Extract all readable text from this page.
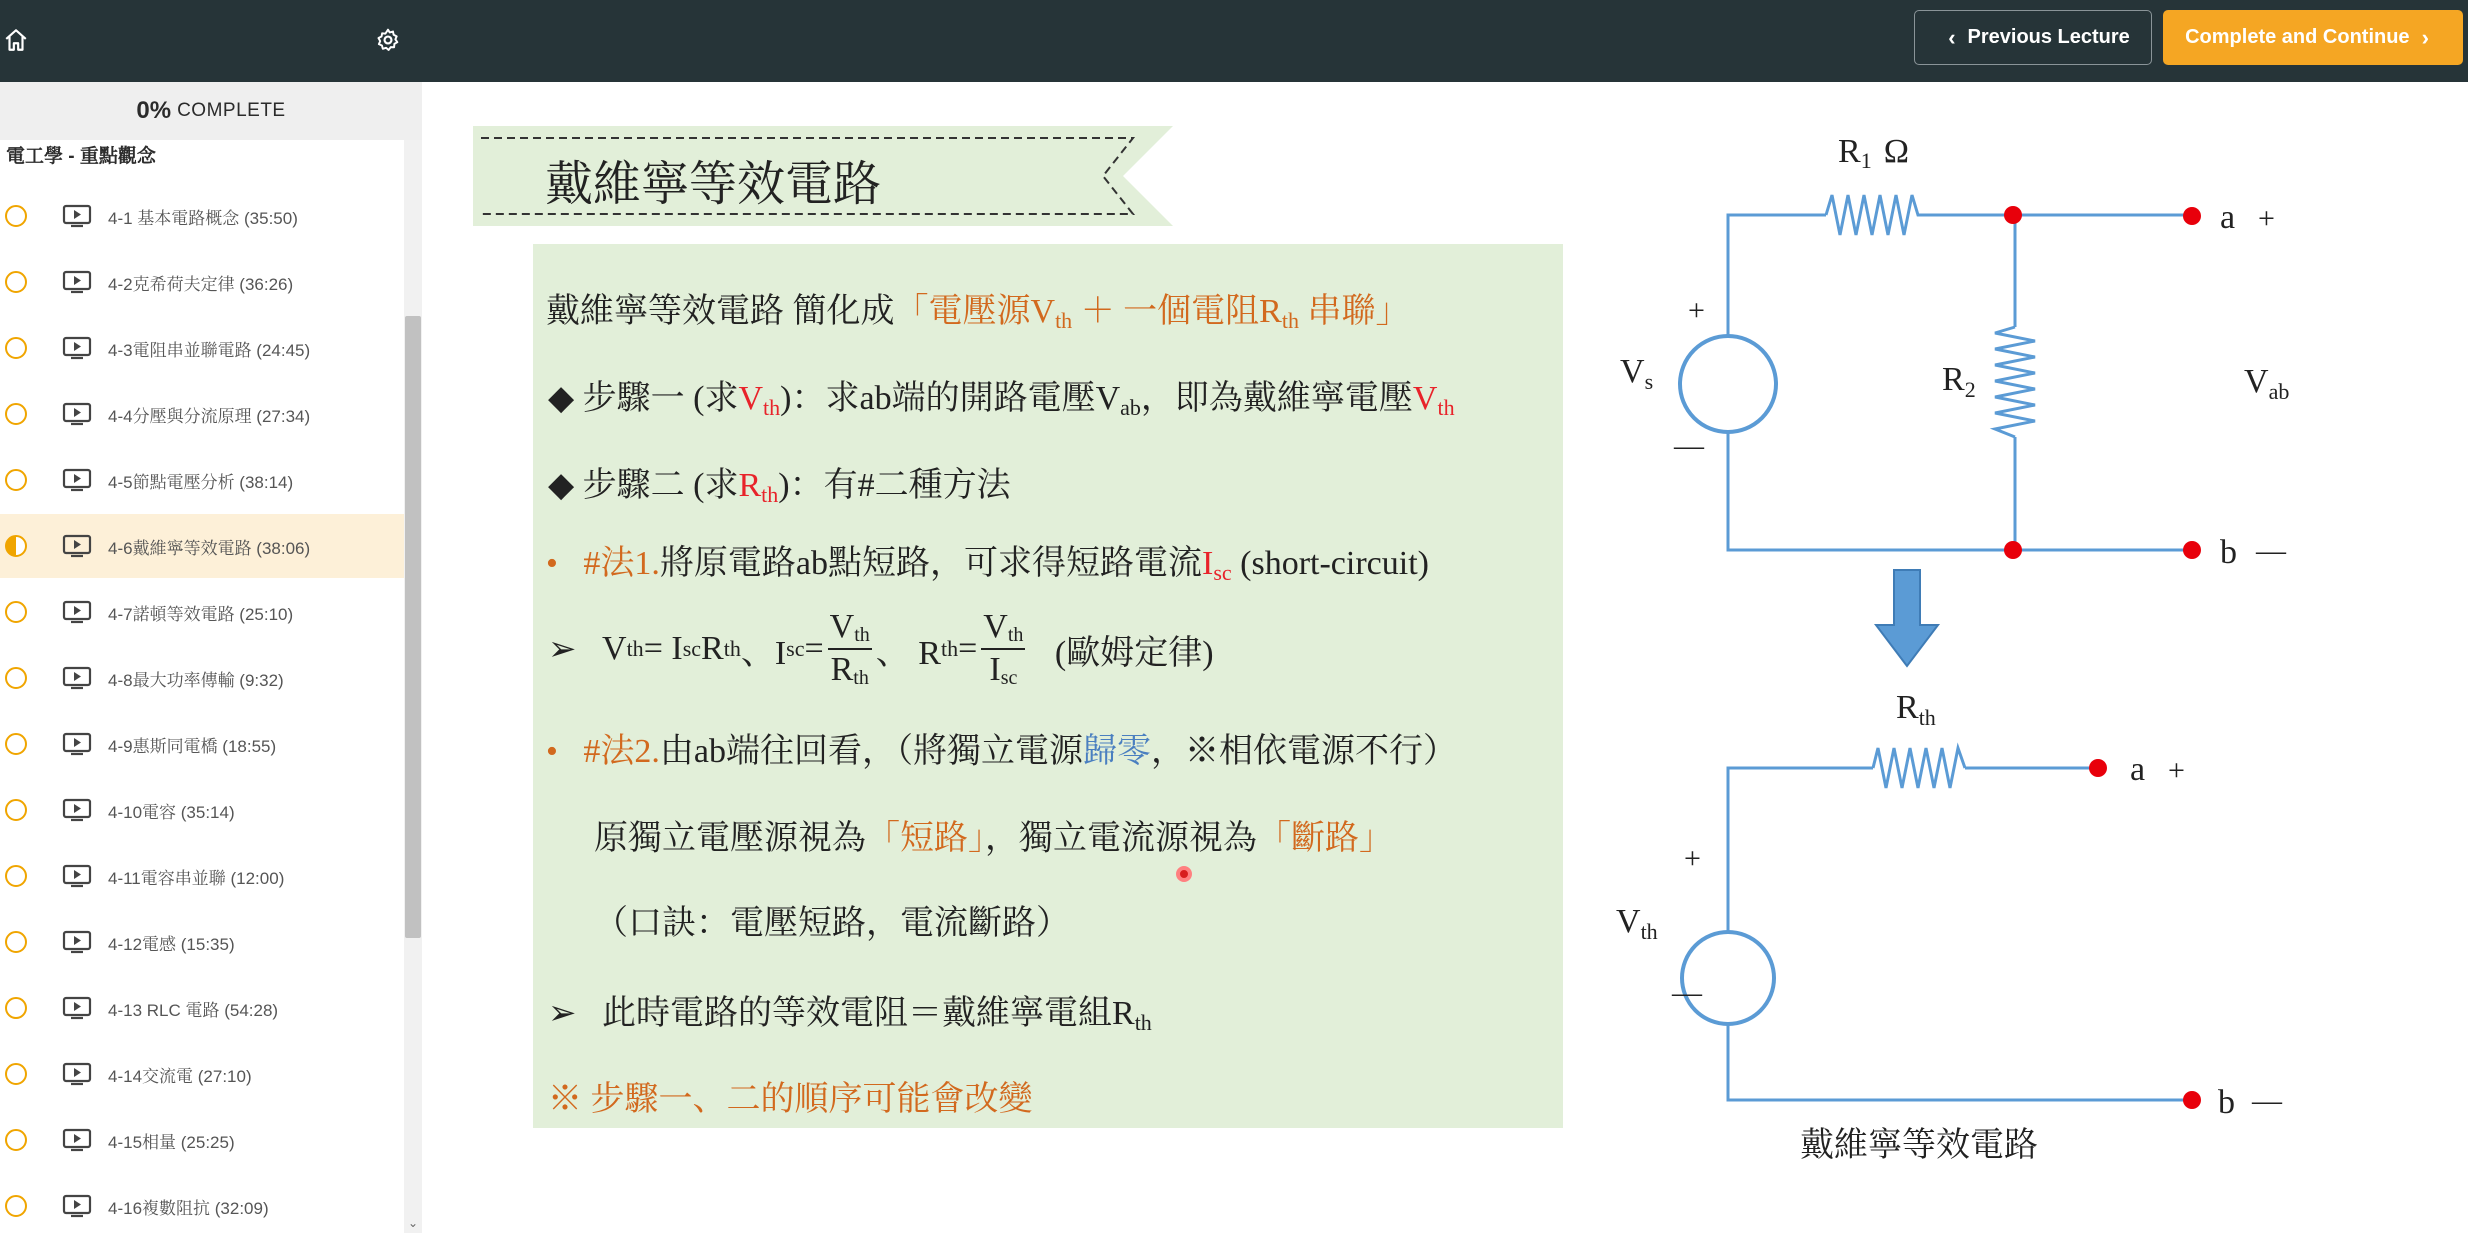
0% COMPLETE
電工學 - 重點觀念
4-1 基本電路概念 (35:50)
4-2克希荷夫定律 (36:26)
4-3電阻串並聯電路 (24:45)
4-4分壓與分流原理 (27:34)
4-5節點電壓分析 (38:14)
4-6戴維寧等效電路 (38:06)
4-7諾頓等效電路 (25:10)
4-8最大功率傳輸 (9:32)
4-9惠斯同電橋 (18:55)
4-10電容 (35:14)
4-11電容串並聯 (12:00)
4-12電感 (15:35)
4-13 RLC 電路 (54:28)
4-14交流電 (27:10)
4-15相量 (25:25)
4-16複數阻抗 (32:09)
⌄
‹ Previous Lecture	Complete and Continue ›
戴維寧等效電路
戴維寧等效電路 簡化成「電壓源$V_{th}$ ＋ 一個電阻$R_{th}$ 串聯」
◆ 步驟一 (求$V_{th}$)：求ab端的開路電壓$V_{ab}$，即為戴維寧電壓$V_{th}$
◆ 步驟二 (求$R_{th}$)：有#二種方法
• #法1.將原電路ab點短路，可求得短路電流$I_{sc}$ (short-circuit)
➢
V th = I sc R th 、I sc = $\frac{V_{th}}{R_{th}}$ 、 R th = $\frac{V_{th}}{I_{sc}}$
(歐姆定律)
• #法2.由ab端往回看，（將獨立電源歸零，※相依電源不行）
原獨立電壓源視為「短路」，獨立電流源視為「斷路」
（口訣：電壓短路，電流斷路）
➢ 此時電路的等效電阻＝戴維寧電組$R_{th}$
※ 步驟一、二的順序可能會改變
R1 Ω
$V_s$
+
—
$R_2$	$V_{ab}$
a +
b —
$R_{th}$
$V_{th}$
+
—
a +
b —
戴維寧等效電路
